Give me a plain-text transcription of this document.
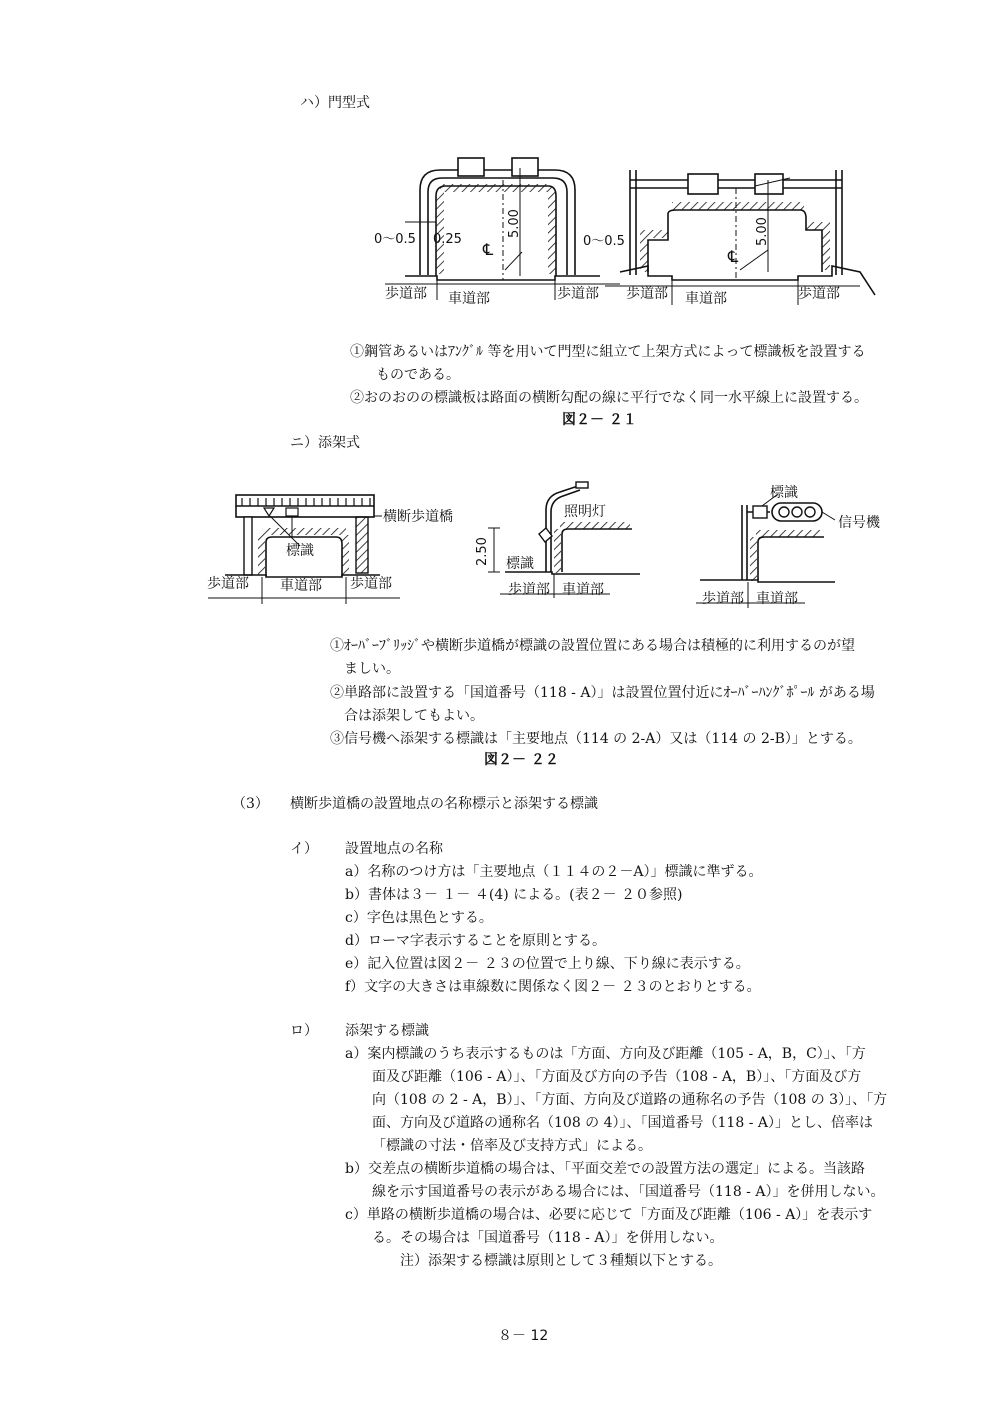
ハ）門型式
0～0.5 0.25
5.00
℄
歩道部 車道部	歩道部
0～0.5	5.00
℄
歩道部 車道部	歩道部
①鋼管あるいはｱﾝｸﾞﾙ 等を用いて門型に組立て上架方式によって標識板を設置する
ものである。
②おのおのの標識板は路面の横断勾配の線に平行でなく同一水平線上に設置する。
図２－ ２１
ニ）添架式
横断歩道橋
標識
歩道部 車道部 歩道部
照明灯
2.50 標識
歩道部 車道部
標識
信号機
歩道部 車道部
①ｵｰﾊﾞｰﾌﾞﾘｯｼﾞや横断歩道橋が標識の設置位置にある場合は積極的に利用するのが望
ましい。
②単路部に設置する「国道番号（118 - A）」は設置位置付近にｵｰﾊﾞｰﾊﾝｸﾞﾎﾟｰﾙ がある場
合は添架してもよい。
③信号機へ添架する標識は「主要地点（114 の 2-A）又は（114 の 2-B）」とする。
図２－ ２２
（3） 横断歩道橋の設置地点の名称標示と添架する標識
イ） 設置地点の名称
a）名称のつけ方は「主要地点（１１４の２－A）」標識に準ずる。
b）書体は３－ １－ ４(4) による。(表２－ ２０参照)
c）字色は黒色とする。
d）ローマ字表示することを原則とする。
e）記入位置は図２－ ２３の位置で上り線、下り線に表示する。
f）文字の大きさは車線数に関係なく図２－ ２３のとおりとする。
ロ） 添架する標識
a）案内標識のうち表示するものは「方面、方向及び距離（105 - A，B，C）」、「方
面及び距離（106 - A）」、「方面及び方向の予告（108 - A，B）」、「方面及び方
向（108 の 2 - A，B）」、「方面、方向及び道路の通称名の予告（108 の 3）」、「方
面、方向及び道路の通称名（108 の 4）」、「国道番号（118 - A）」とし、倍率は
「標識の寸法・倍率及び支持方式」による。
b）交差点の横断歩道橋の場合は、「平面交差での設置方法の選定」による。当該路
線を示す国道番号の表示がある場合には、「国道番号（118 - A）」を併用しない。
c）単路の横断歩道橋の場合は、必要に応じて「方面及び距離（106 - A）」を表示す
る。その場合は「国道番号（118 - A）」を併用しない。
注）添架する標識は原則として３種類以下とする。
８－ 12
